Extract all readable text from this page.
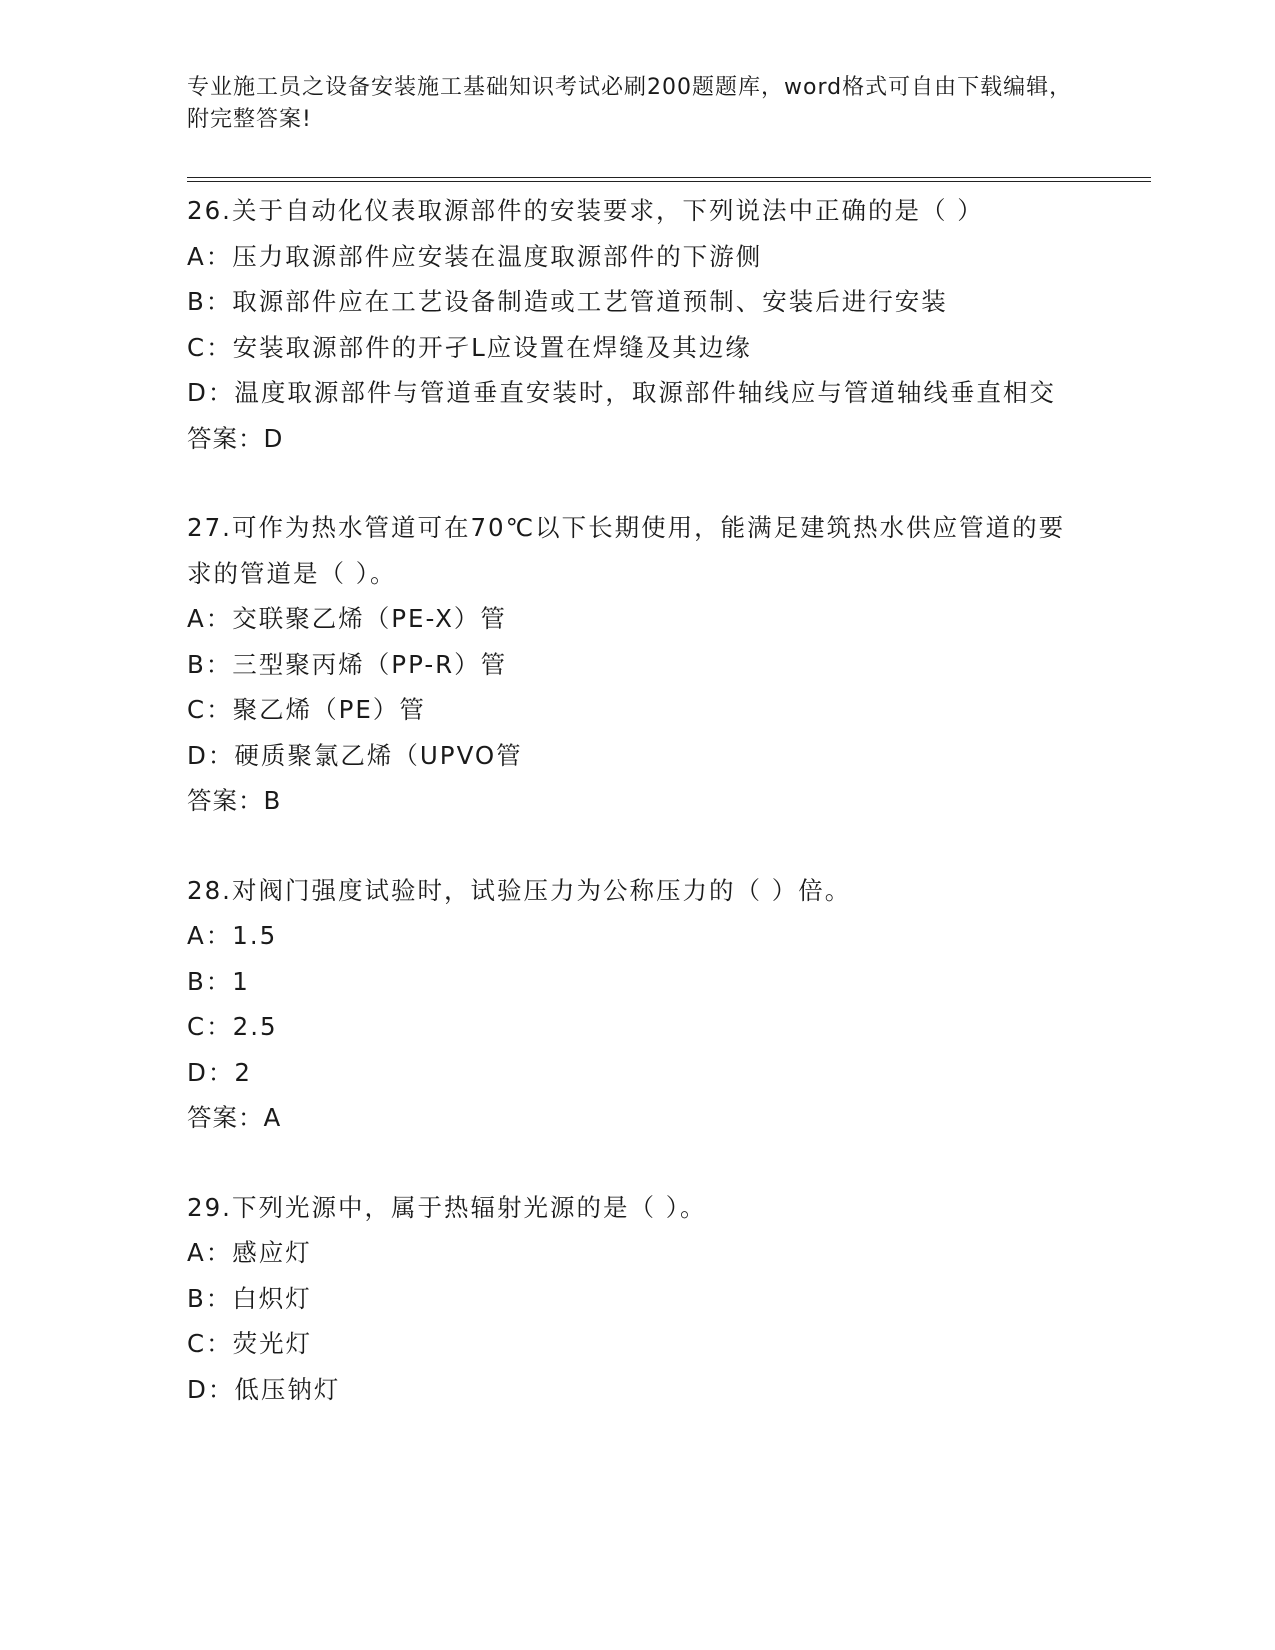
专业施工员之设备安装施工基础知识考试必刷200题题库，word格式可自由下载编辑，附完整答案!
26.关于自动化仪表取源部件的安装要求，下列说法中正确的是（ ）
A：压力取源部件应安装在温度取源部件的下游侧
B：取源部件应在工艺设备制造或工艺管道预制、安装后进行安装
C：安装取源部件的开孑L应设置在焊缝及其边缘
D：温度取源部件与管道垂直安装时，取源部件轴线应与管道轴线垂直相交
答案：D
27.可作为热水管道可在70℃以下长期使用，能满足建筑热水供应管道的要求的管道是（ ）。
A：交联聚乙烯（PE-X）管
B：三型聚丙烯（PP-R）管
C：聚乙烯（PE）管
D：硬质聚氯乙烯（UPVO管
答案：B
28.对阀门强度试验时，试验压力为公称压力的（ ）倍。
A：1.5
B：1
C：2.5
D：2
答案：A
29.下列光源中，属于热辐射光源的是（ ）。
A：感应灯
B：白炽灯
C：荧光灯
D：低压钠灯
